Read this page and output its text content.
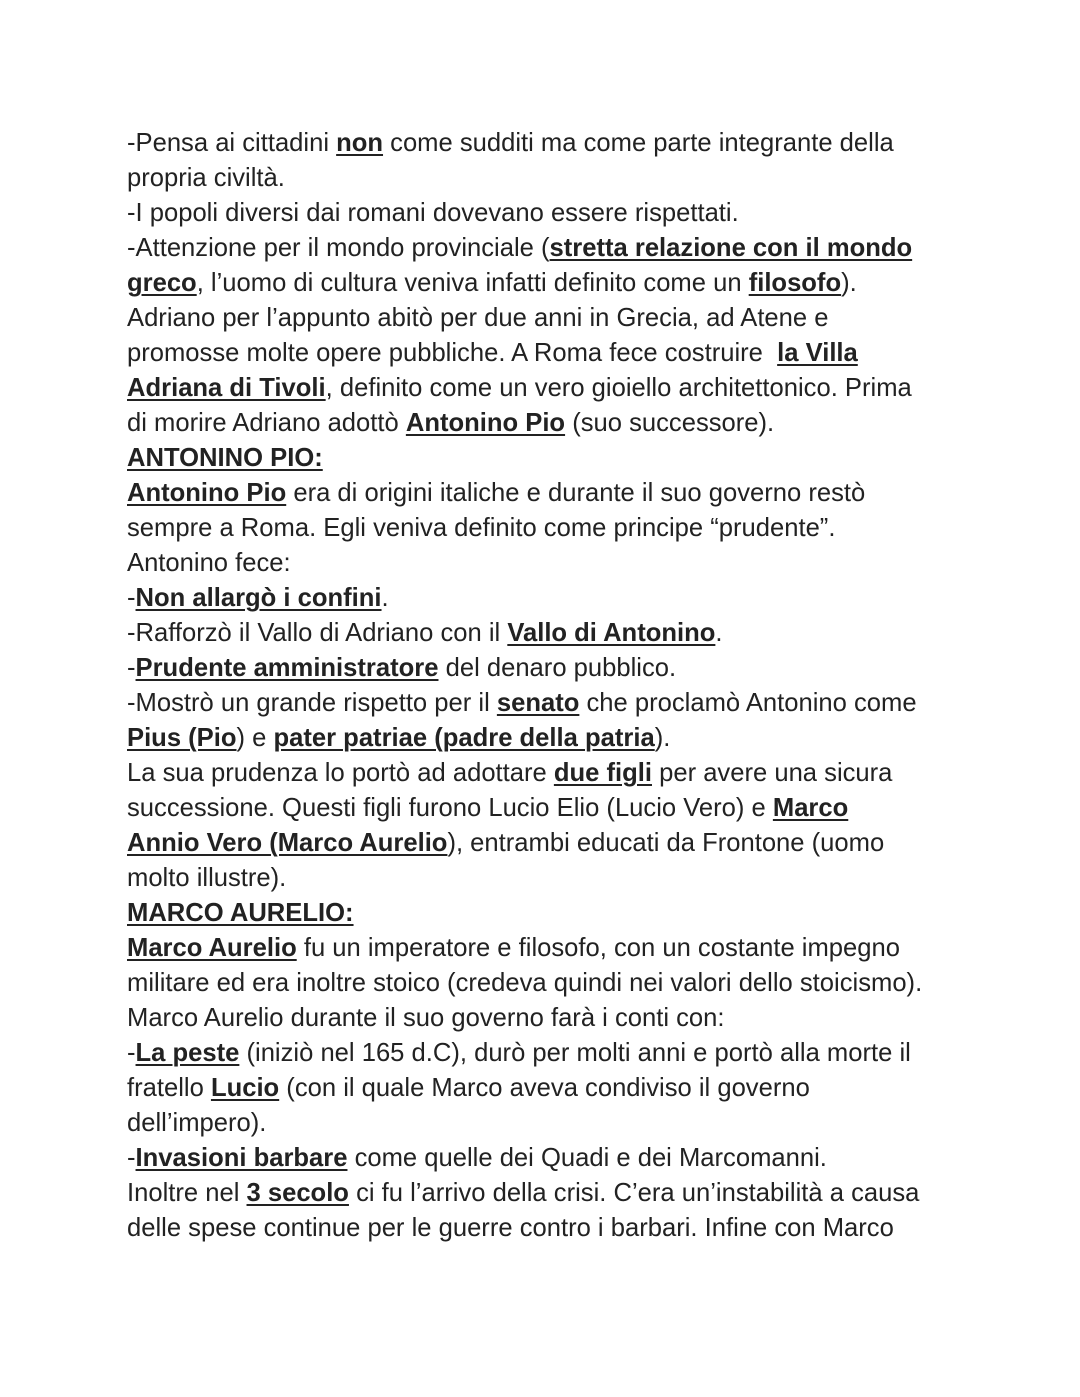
-Pensa ai cittadini non come sudditi ma come parte integrante della
propria civiltà.
-I popoli diversi dai romani dovevano essere rispettati.
-Attenzione per il mondo provinciale (stretta relazione con il mondo
greco, l’uomo di cultura veniva infatti definito come un filosofo).
Adriano per l’appunto abitò per due anni in Grecia, ad Atene e
promosse molte opere pubbliche. A Roma fece costruire  la Villa
Adriana di Tivoli, definito come un vero gioiello architettonico. Prima
di morire Adriano adottò Antonino Pio (suo successore).
ANTONINO PIO:
Antonino Pio era di origini italiche e durante il suo governo restò
sempre a Roma. Egli veniva definito come principe “prudente”.
Antonino fece:
-Non allargò i confini.
-Rafforzò il Vallo di Adriano con il Vallo di Antonino.
-Prudente amministratore del denaro pubblico.
-Mostrò un grande rispetto per il senato che proclamò Antonino come
Pius (Pio) e pater patriae (padre della patria).
La sua prudenza lo portò ad adottare due figli per avere una sicura
successione. Questi figli furono Lucio Elio (Lucio Vero) e Marco
Annio Vero (Marco Aurelio), entrambi educati da Frontone (uomo
molto illustre).
MARCO AURELIO:
Marco Aurelio fu un imperatore e filosofo, con un costante impegno
militare ed era inoltre stoico (credeva quindi nei valori dello stoicismo).
Marco Aurelio durante il suo governo farà i conti con:
-La peste (iniziò nel 165 d.C), durò per molti anni e portò alla morte il
fratello Lucio (con il quale Marco aveva condiviso il governo
dell’impero).
-Invasioni barbare come quelle dei Quadi e dei Marcomanni.
Inoltre nel 3 secolo ci fu l’arrivo della crisi. C’era un’instabilità a causa
delle spese continue per le guerre contro i barbari. Infine con Marco
